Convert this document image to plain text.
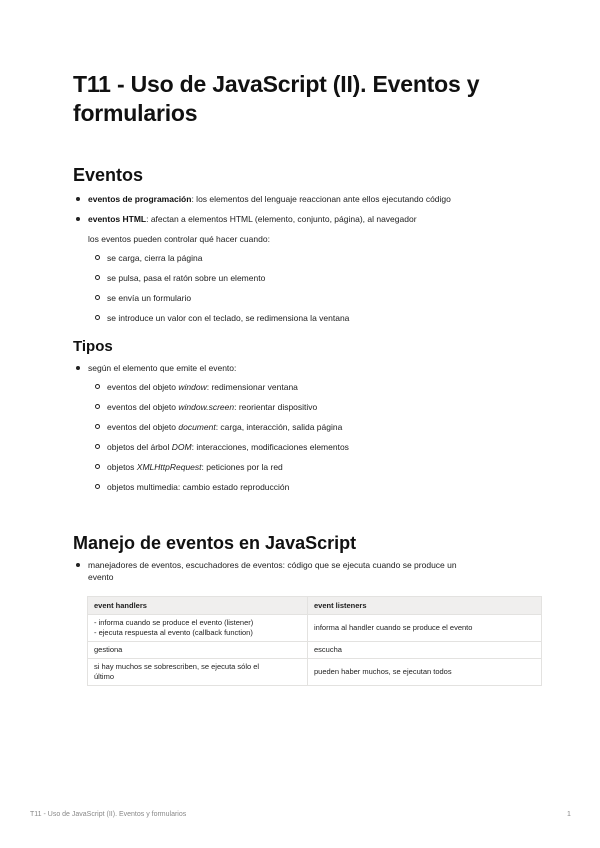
T11 - Uso de JavaScript (II). Eventos y formularios
Eventos
eventos de programación: los elementos del lenguaje reaccionan ante ellos ejecutando código
eventos HTML: afectan a elementos HTML (elemento, conjunto, página), al navegador

los eventos pueden controlar qué hacer cuando:

se carga, cierra la página
se pulsa, pasa el ratón sobre un elemento
se envía un formulario
se introduce un valor con el teclado, se redimensiona la ventana
Tipos
según el elemento que emite el evento:
eventos del objeto window: redimensionar ventana
eventos del objeto window.screen: reorientar dispositivo
eventos del objeto document: carga, interacción, salida página
objetos del árbol DOM: interacciones, modificaciones elementos
objetos XMLHttpRequest: peticiones por la red
objetos multimedia: cambio estado reproducción
Manejo de eventos en JavaScript
manejadores de eventos, escuchadores de eventos: código que se ejecuta cuando se produce un
evento
event handlers	event listeners
- informa cuando se produce el evento (listener)
- ejecuta respuesta al evento (callback function)	informa al handler cuando se produce el evento
gestiona	escucha
si hay muchos se sobrescriben, se ejecuta sólo el
último	pueden haber muchos, se ejecutan todos
T11 - Uso de JavaScript (II). Eventos y formularios	1
